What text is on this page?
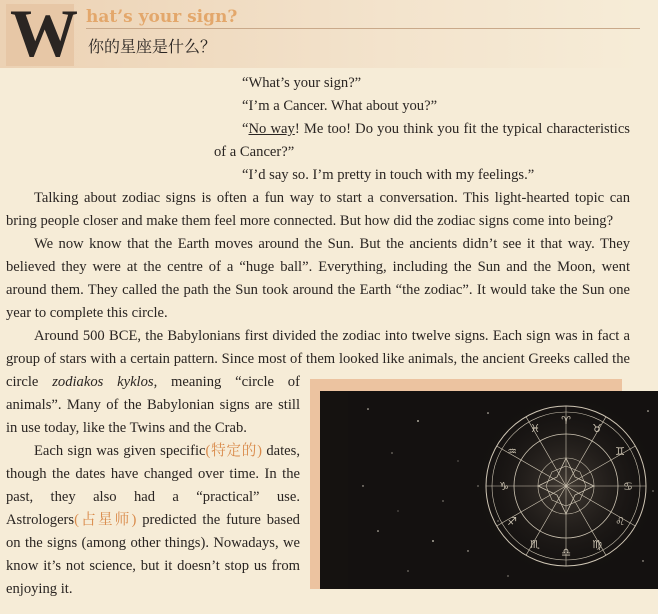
W hat’s your sign?
你的星座是什么？
“What’s your sign?”
“I’m a Cancer. What about you?”
“No way! Me too! Do you think you fit the typical characteristics of a Cancer?”
“I’d say so. I’m pretty in touch with my feelings.”

Talking about zodiac signs is often a fun way to start a conversation. This light-hearted topic can bring people closer and make them feel more connected. But how did the zodiac signs come into being?

We now know that the Earth moves around the Sun. But the ancients didn’t see it that way. They believed they were at the centre of a “huge ball”. Everything, including the Sun and the Moon, went around them. They called the path the Sun took around the Earth “the zodiac”. It would take the Sun one year to complete this circle.

Around 500 BCE, the Babylonians first divided the zodiac into twelve signs. Each sign was in fact a group of stars with a certain pattern. Since most of them looked like animals, the ancient Greeks called the circle
♈
♉
♊
♋
♌
♍
♎
♏
♐
♑
♒
♓
zodiakos kyklos, meaning “circle of animals”. Many of the Babylonian signs are still in use today, like the Twins and the Crab.

Each sign was given specific(特定的) dates, though the dates have changed over time. In the past, they also had a “practical” use. Astrologers(占星师) predicted the future based on the signs (among other things). Nowadays, we know it’s not science, but it doesn’t stop us from enjoying it.
